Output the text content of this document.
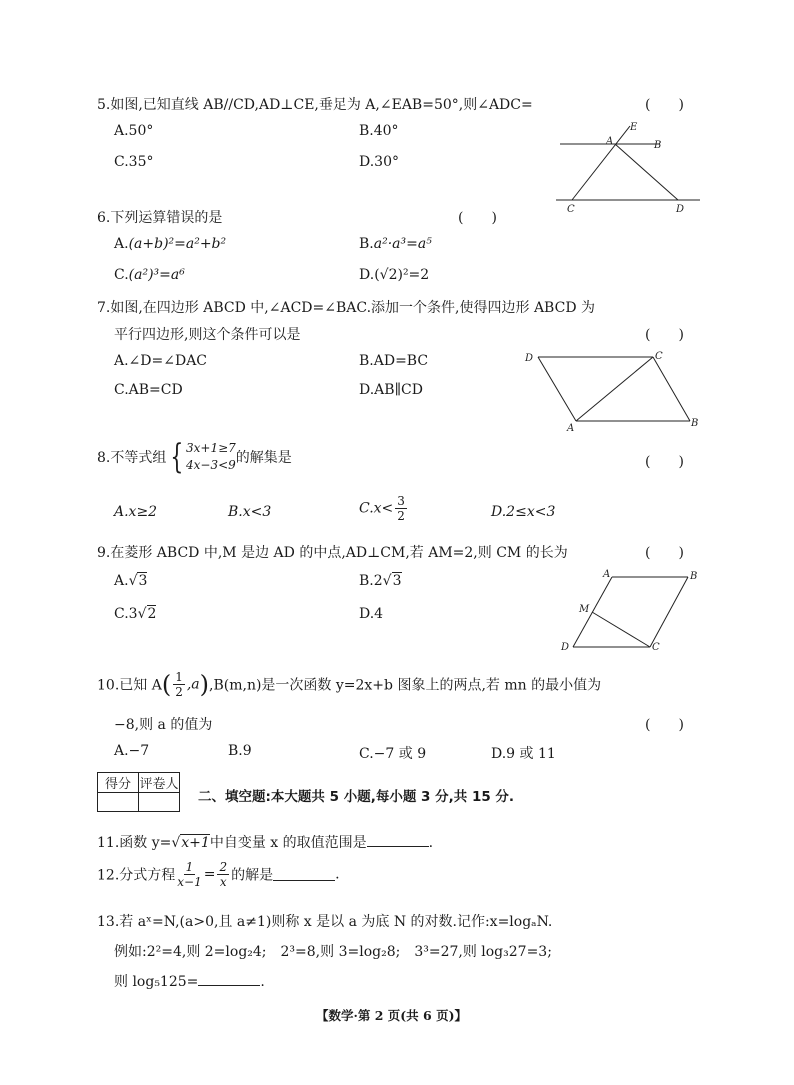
5.如图,已知直线 AB//CD,AD⊥CE,垂足为 A,∠EAB=50°,则∠ADC=	(　　)
A.50°	B.40°
C.35°	D.30°
E
A	B
C	D
6.下列运算错误的是	(　　)
A.(a+b)²=a²+b²	B.a²·a³=a⁵
C.(a²)³=a⁶	D.(√2)²=2
7.如图,在四边形 ABCD 中,∠ACD=∠BAC.添加一个条件,使得四边形 ABCD 为
平行四边形,则这个条件可以是	(　　)
A.∠D=∠DAC	B.AD=BC
C.AB=CD	D.AB∥CD
D	C
A	B
8.不等式组 { 3x+1≥7
4x−3<9 的解集是	(　　)
A.x≥2	B.x<3	$C.x< \frac{3}{2}$	D.2≤x<3
9.在菱形 ABCD 中,M 是边 AD 的中点,AD⊥CM,若 AM=2,则 CM 的长为	(　　)
A.√3	B.2√3
C.3√2	D.4
A	B
M
D	C
10.已知 $A( \frac{1}{2} ,a),B(m,n)$是一次函数 y=2x+b 图象上的两点,若 mn 的最小值为
−8,则 a 的值为	(　　)
A.−7	B.9	C.−7 或 9	D.9 或 11
得分	评卷人

二、填空题:本大题共 5 小题,每小题 3 分,共 15 分.
11.函数 y=√x+1中自变量 x 的取值范围是	.
12.分式方程 $\frac{1}{x-1} = \frac{2}{x}$ 的解是	.
13.若 aˣ=N,(a>0,且 a≠1)则称 x 是以 a 为底 N 的对数.记作:x=logₐN.
例如:2²=4,则 2=log₂4;　2³=8,则 3=log₂8;　3³=27,则 log₃27=3;
则 log₅125=	.
【数学·第 2 页(共 6 页)】
